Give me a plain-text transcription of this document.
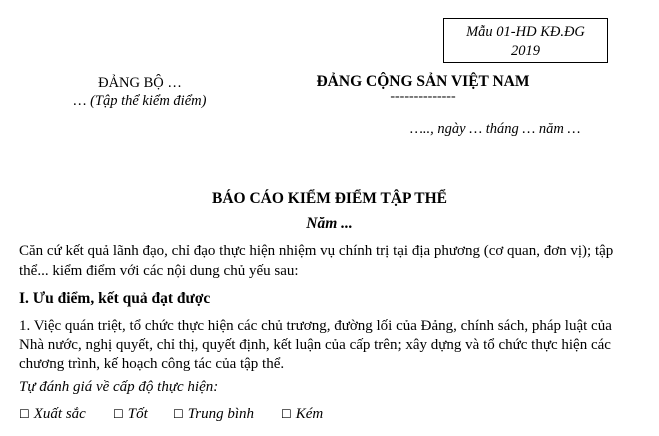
Mẫu 01-HD KĐ.ĐG
2019
ĐẢNG BỘ …
… (Tập thể kiểm điểm)
ĐẢNG CỘNG SẢN VIỆT NAM
--------------
….., ngày … tháng … năm …
BÁO CÁO KIỂM ĐIỂM TẬP THỂ
Năm ...
Căn cứ kết quả lãnh đạo, chỉ đạo thực hiện nhiệm vụ chính trị tại địa phương (cơ quan, đơn vị); tập
thể... kiểm điểm với các nội dung chủ yếu sau:
I. Ưu điểm, kết quả đạt được
1. Việc quán triệt, tổ chức thực hiện các chủ trương, đường lối của Đảng, chính sách, pháp luật của
Nhà nước, nghị quyết, chỉ thị, quyết định, kết luận của cấp trên; xây dựng và tổ chức thực hiện các
chương trình, kế hoạch công tác của tập thể.
Tự đánh giá về cấp độ thực hiện:
☐ Xuất sắc ☐ Tốt ☐ Trung bình ☐ Kém
